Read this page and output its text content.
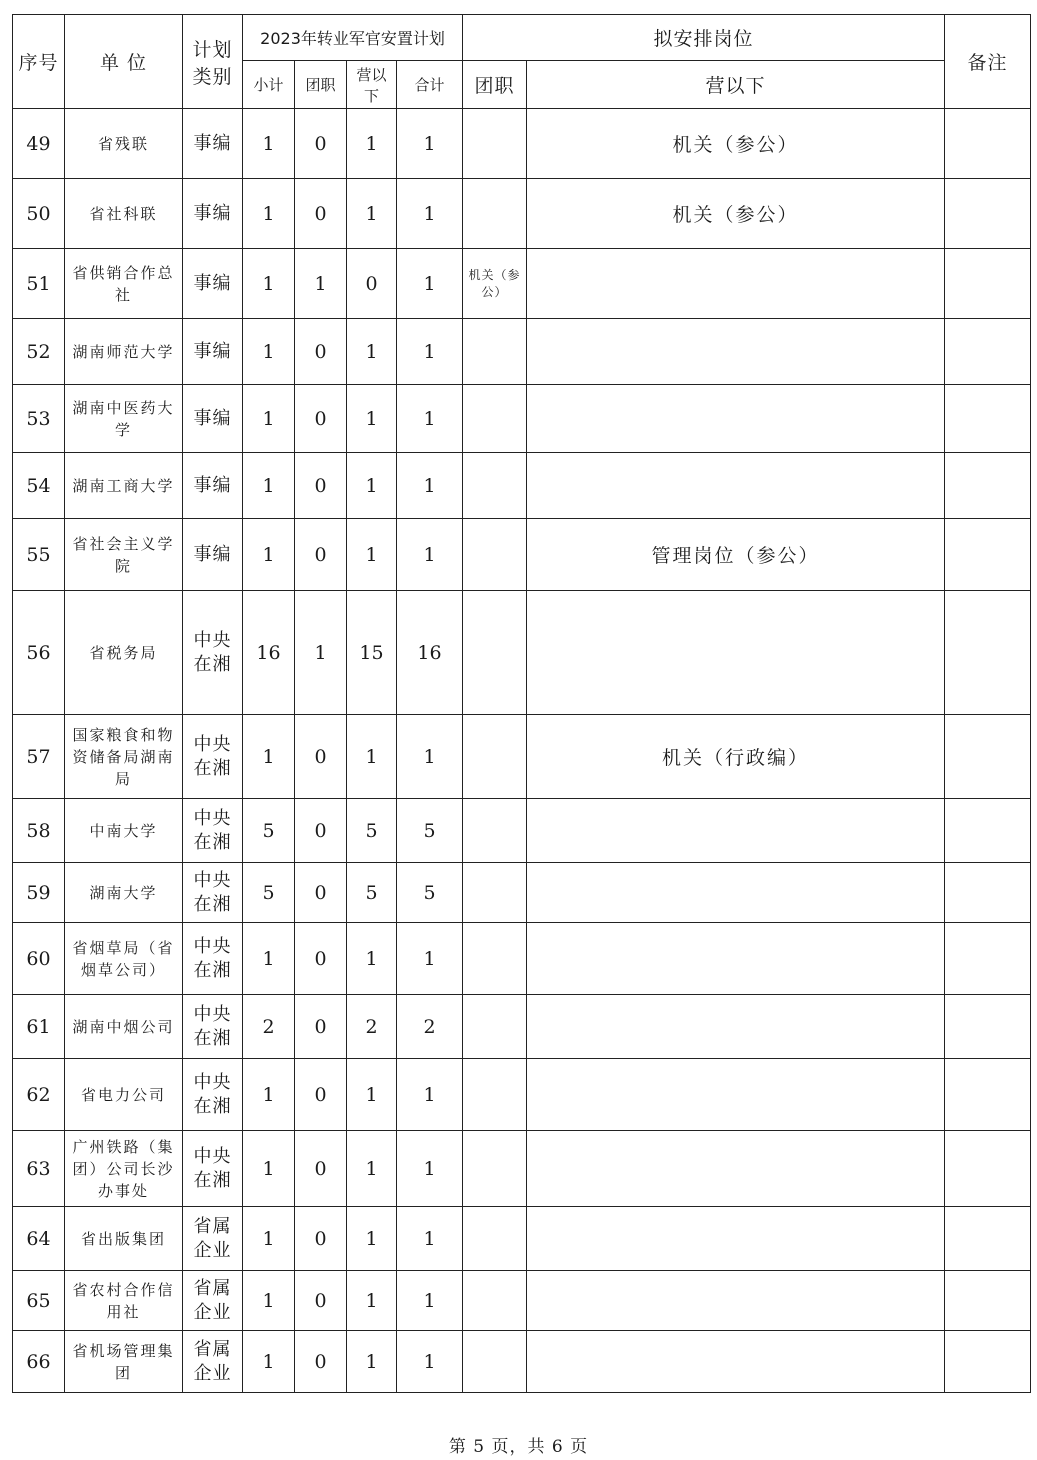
序号	单 位	计划类别	2023年转业军官安置计划				拟安排岗位		备注
			小计	团职	营以下	合计	团职	营以下	
49	省残联	事编	1	0	1	1		机关（参公）	
50	省社科联	事编	1	0	1	1		机关（参公）	
51	省供销合作总社	事编	1	1	0	1	机关（参公）		
52	湖南师范大学	事编	1	0	1	1			
53	湖南中医药大学	事编	1	0	1	1			
54	湖南工商大学	事编	1	0	1	1			
55	省社会主义学院	事编	1	0	1	1		管理岗位（参公）	
56	省税务局	中央在湘	16	1	15	16			
57	国家粮食和物资储备局湖南局	中央在湘	1	0	1	1		机关（行政编）	
58	中南大学	中央在湘	5	0	5	5			
59	湖南大学	中央在湘	5	0	5	5			
60	省烟草局（省烟草公司）	中央在湘	1	0	1	1			
61	湖南中烟公司	中央在湘	2	0	2	2			
62	省电力公司	中央在湘	1	0	1	1			
63	广州铁路（集团）公司长沙办事处	中央在湘	1	0	1	1			
64	省出版集团	省属企业	1	0	1	1			
65	省农村合作信用社	省属企业	1	0	1	1			
66	省机场管理集团	省属企业	1	0	1	1			
第 5 页，共 6 页
